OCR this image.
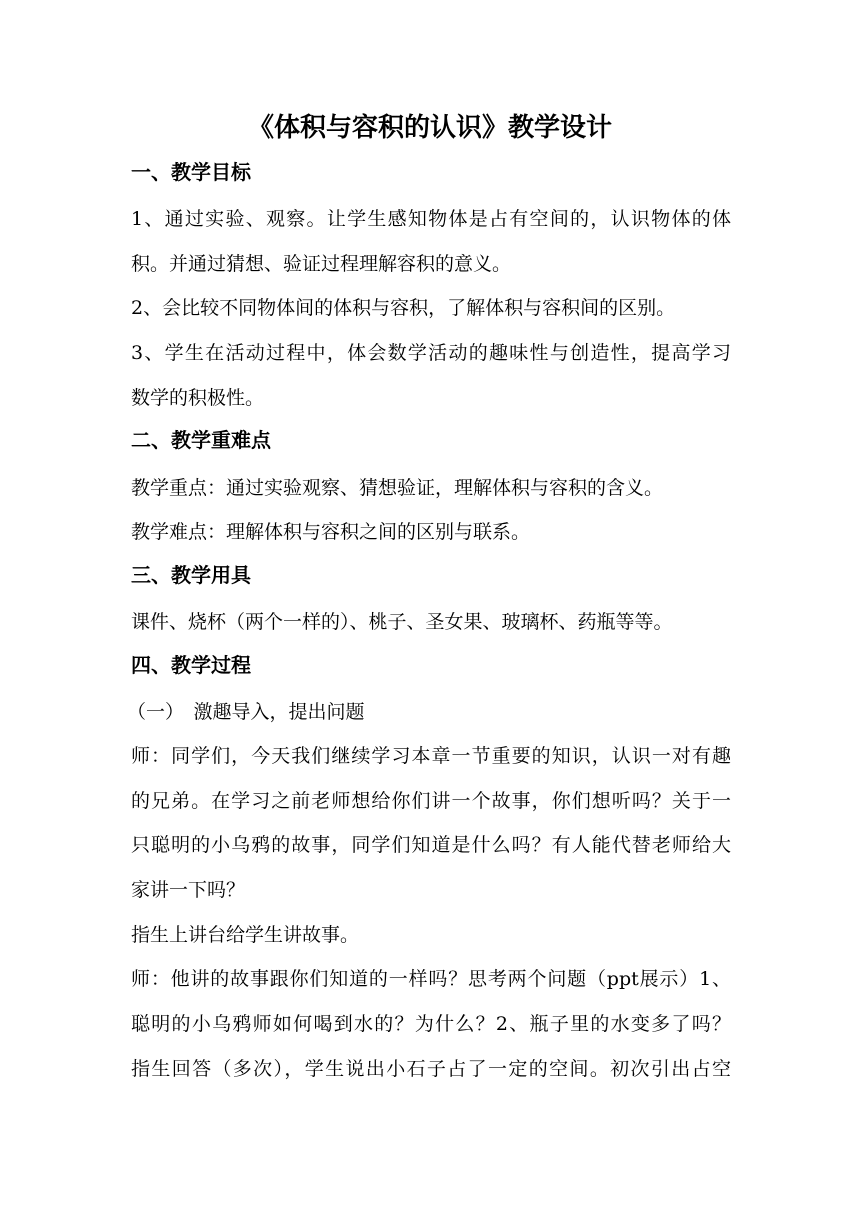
《体积与容积的认识》教学设计

一、教学目标

1、通过实验、观察。让学生感知物体是占有空间的，认识物体的体

积。并通过猜想、验证过程理解容积的意义。

2、会比较不同物体间的体积与容积，了解体积与容积间的区别。

3、学生在活动过程中，体会数学活动的趣味性与创造性，提高学习

数学的积极性。

二、教学重难点

教学重点：通过实验观察、猜想验证，理解体积与容积的含义。

教学难点：理解体积与容积之间的区别与联系。

三、教学用具

课件、烧杯（两个一样的）、桃子、圣女果、玻璃杯、药瓶等等。

四、教学过程

（一）　激趣导入，提出问题

师：同学们，今天我们继续学习本章一节重要的知识，认识一对有趣

的兄弟。在学习之前老师想给你们讲一个故事，你们想听吗？关于一

只聪明的小乌鸦的故事，同学们知道是什么吗？有人能代替老师给大

家讲一下吗？

指生上讲台给学生讲故事。

师：他讲的故事跟你们知道的一样吗？思考两个问题（ppt展示）1、

聪明的小乌鸦师如何喝到水的？为什么？2、瓶子里的水变多了吗？

指生回答（多次），学生说出小石子占了一定的空间。初次引出占空
